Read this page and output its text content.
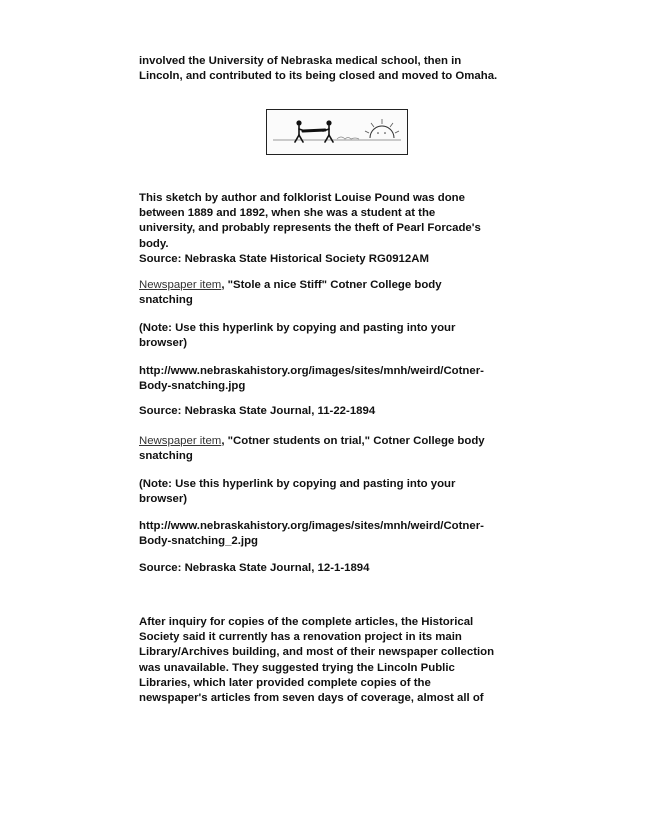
involved the University of Nebraska medical school, then in
Lincoln, and contributed to its being closed and moved to Omaha.

This sketch by author and folklorist Louise Pound was done
between 1889 and 1892, when she was a student at the
university, and probably represents the theft of Pearl Forcade's
body.
Source: Nebraska State Historical Society RG0912AM

Newspaper item, "Stole a nice Stiff" Cotner College body
snatching

(Note: Use this hyperlink by copying and pasting into your
browser)

http://www.nebraskahistory.org/images/sites/mnh/weird/Cotner-
Body-snatching.jpg

Source: Nebraska State Journal, 11-22-1894

Newspaper item, "Cotner students on trial," Cotner College body
snatching

(Note: Use this hyperlink by copying and pasting into your
browser)

http://www.nebraskahistory.org/images/sites/mnh/weird/Cotner-
Body-snatching_2.jpg

Source: Nebraska State Journal, 12-1-1894

After inquiry for copies of the complete articles, the Historical
Society said it currently has a renovation project in its main
Library/Archives building, and most of their newspaper collection
was unavailable. They suggested trying the Lincoln Public
Libraries, which later provided complete copies of the
newspaper's articles from seven days of coverage, almost all of
